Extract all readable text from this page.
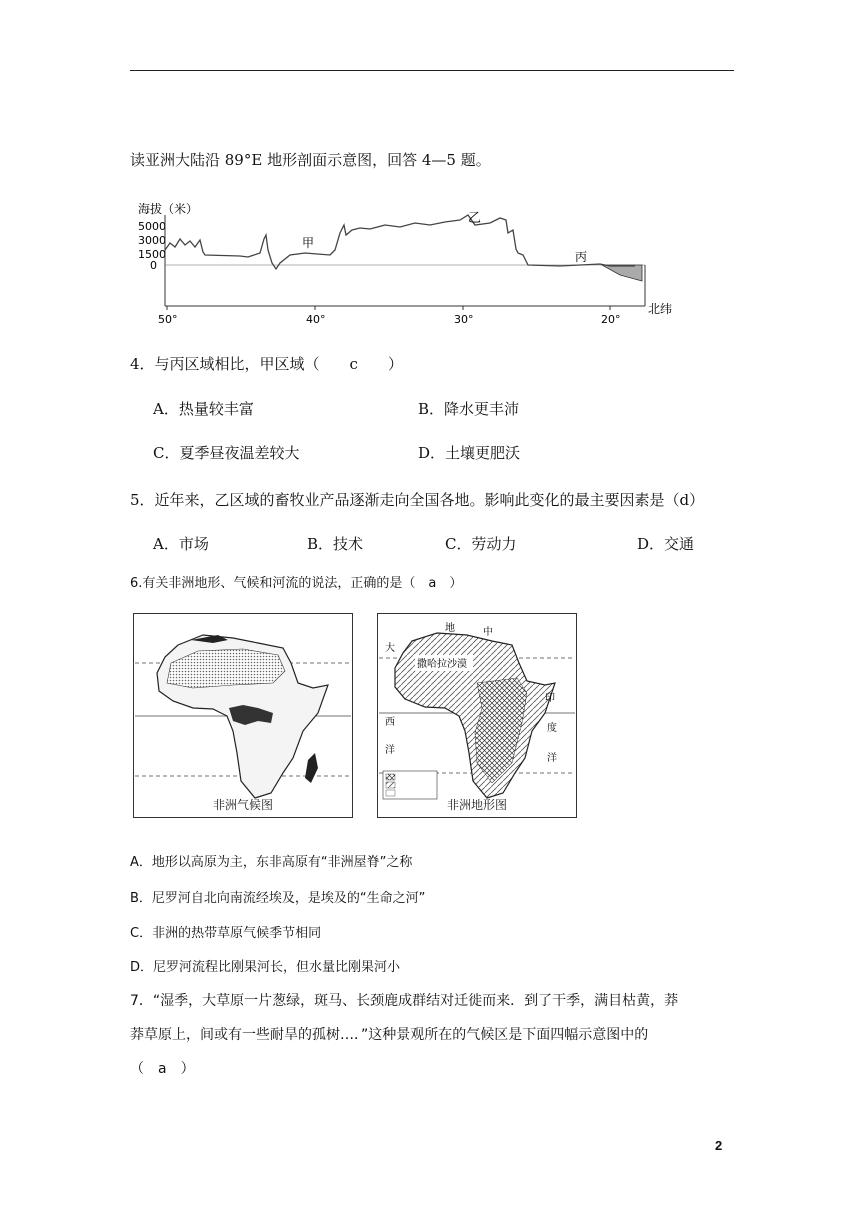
读亚洲大陆沿 89°E 地形剖面示意图，回答 4—5 题。
海拔（米）
5000
3000
1500
0
50°	40°	30°	20°
北纬
甲
乙
丙
4．与丙区域相比，甲区域（　　c　　）
A．热量较丰富	B．降水更丰沛
C．夏季昼夜温差较大	D．土壤更肥沃
5．近年来，乙区域的畜牧业产品逐渐走向全国各地。影响此变化的最主要因素是（d）
A．市场	B．技术	C．劳动力	D．交通
6.有关非洲地形、气候和河流的说法，正确的是（　a　）
非洲气候图
撒哈拉沙漠
地	中
大
西
洋
印
度
洋
非洲地形图
A．地形以高原为主，东非高原有“非洲屋脊”之称
B．尼罗河自北向南流经埃及，是埃及的“生命之河”
C．非洲的热带草原气候季节相同
D．尼罗河流程比刚果河长，但水量比刚果河小
7．“湿季，大草原一片葱绿，斑马、长颈鹿成群结对迁徙而来．到了干季，满目枯黄，莽
莽草原上，间或有一些耐旱的孤树…．”这种景观所在的气候区是下面四幅示意图中的
（　a　）
2
